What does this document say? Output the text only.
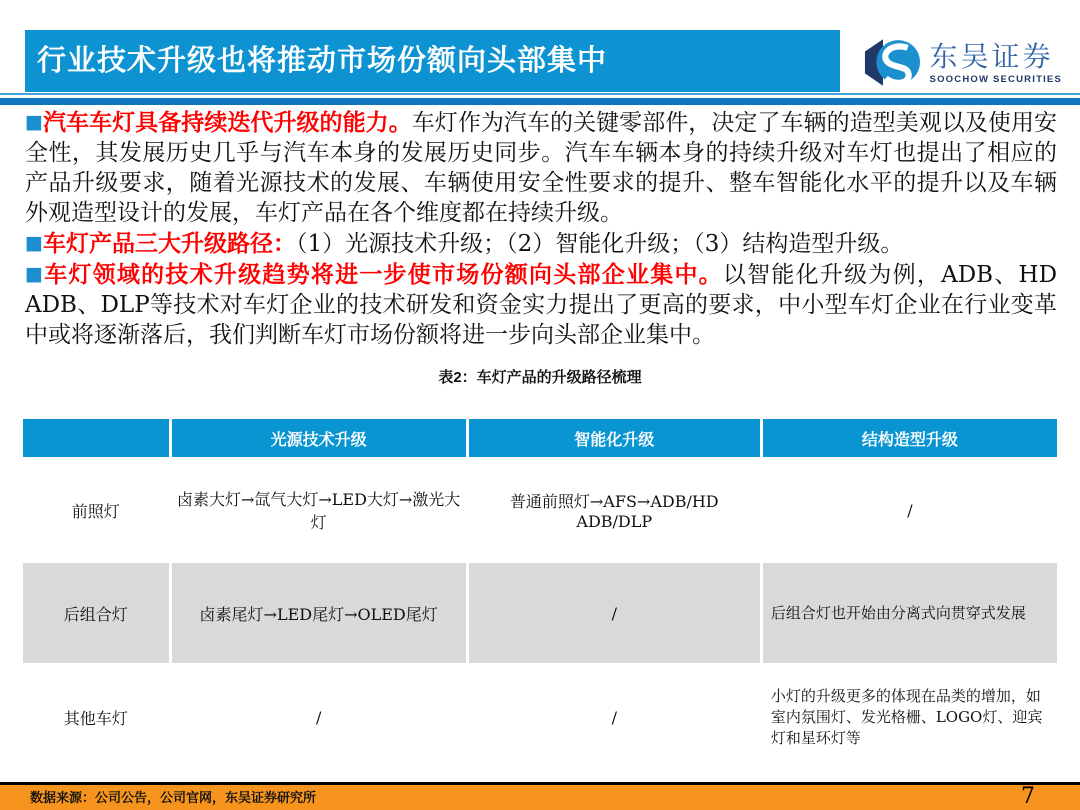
行业技术升级也将推动市场份额向头部集中	东吴证券
SOOCHOW SECURITIES

■汽车车灯具备持续迭代升级的能力。车灯作为汽车的关键零部件，决定了车辆的造型美观以及使用安全性，其发展历史几乎与汽车本身的发展历史同步。汽车车辆本身的持续升级对车灯也提出了相应的产品升级要求，随着光源技术的发展、车辆使用安全性要求的提升、整车智能化水平的提升以及车辆外观造型设计的发展，车灯产品在各个维度都在持续升级。

■车灯产品三大升级路径：（1）光源技术升级；（2）智能化升级；（3）结构造型升级。

■车灯领域的技术升级趋势将进一步使市场份额向头部企业集中。以智能化升级为例，ADB、HD ADB、DLP等技术对车灯企业的技术研发和资金实力提出了更高的要求，中小型车灯企业在行业变革中或将逐渐落后，我们判断车灯市场份额将进一步向头部企业集中。

表2：车灯产品的升级路径梳理
	光源技术升级	智能化升级	结构造型升级
前照灯	卤素大灯→氙气大灯→LED大灯→激光大灯	普通前照灯→AFS→ADB/HD ADB/DLP	/
后组合灯	卤素尾灯→LED尾灯→OLED尾灯	/	后组合灯也开始由分离式向贯穿式发展
其他车灯	/	/	小灯的升级更多的体现在品类的增加，如室内氛围灯、发光格栅、LOGO灯、迎宾灯和星环灯等
数据来源：公司公告，公司官网，东吴证券研究所	7
